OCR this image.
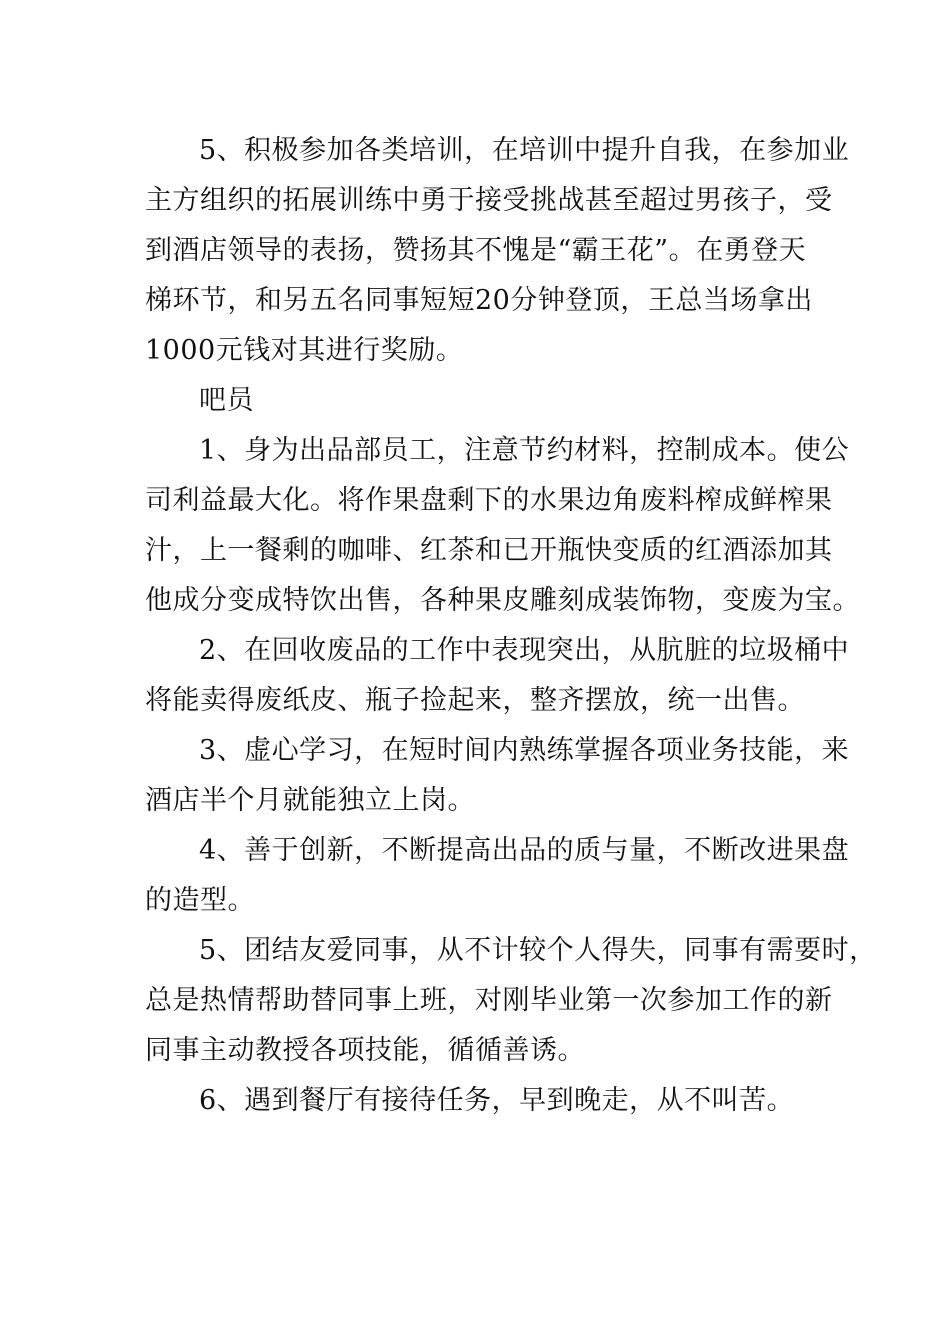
5、积极参加各类培训，在培训中提升自我，在参加业
主方组织的拓展训练中勇于接受挑战甚至超过男孩子，受
到酒店领导的表扬，赞扬其不愧是“霸王花”。在勇登天
梯环节，和另五名同事短短20分钟登顶，王总当场拿出
1000元钱对其进行奖励。
吧员
1、身为出品部员工，注意节约材料，控制成本。使公
司利益最大化。将作果盘剩下的水果边角废料榨成鲜榨果
汁，上一餐剩的咖啡、红茶和已开瓶快变质的红酒添加其
他成分变成特饮出售，各种果皮雕刻成装饰物，变废为宝。
2、在回收废品的工作中表现突出，从肮脏的垃圾桶中
将能卖得废纸皮、瓶子捡起来，整齐摆放，统一出售。
3、虚心学习，在短时间内熟练掌握各项业务技能，来
酒店半个月就能独立上岗。
4、善于创新，不断提高出品的质与量，不断改进果盘
的造型。
5、团结友爱同事，从不计较个人得失，同事有需要时，
总是热情帮助替同事上班，对刚毕业第一次参加工作的新
同事主动教授各项技能，循循善诱。
6、遇到餐厅有接待任务，早到晚走，从不叫苦。
